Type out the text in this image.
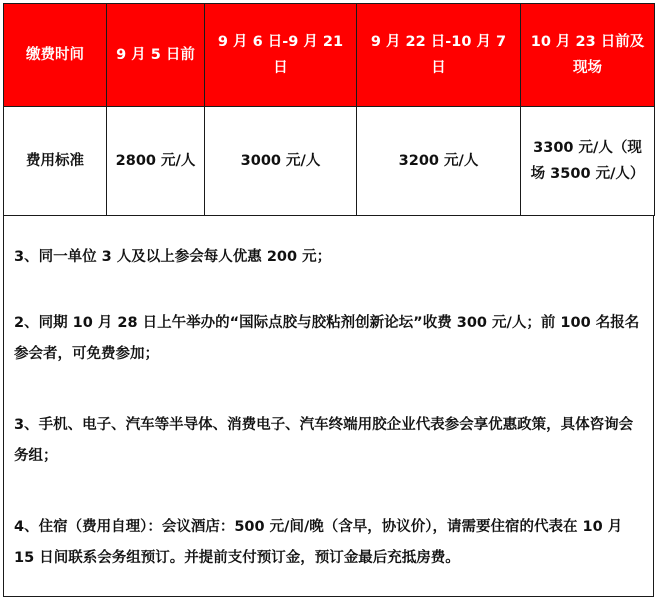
缴费时间	9 月 5 日前	9 月 6 日-9 月 21 日	9 月 22 日-10 月 7 日	10 月 23 日前及现场
费用标准	2800 元/人	3000 元/人	3200 元/人	3300 元/人（现场 3500 元/人）

3、同一单位 3 人及以上参会每人优惠 200 元；

2、同期 10 月 28 日上午举办的“国际点胶与胶粘剂创新论坛”收费 300 元/人；前 100 名报名参会者，可免费参加；

3、手机、电子、汽车等半导体、消费电子、汽车终端用胶企业代表参会享优惠政策，具体咨询会务组；

4、住宿（费用自理）：会议酒店：500 元/间/晚（含早，协议价），请需要住宿的代表在 10 月 15 日间联系会务组预订。并提前支付预订金，预订金最后充抵房费。
